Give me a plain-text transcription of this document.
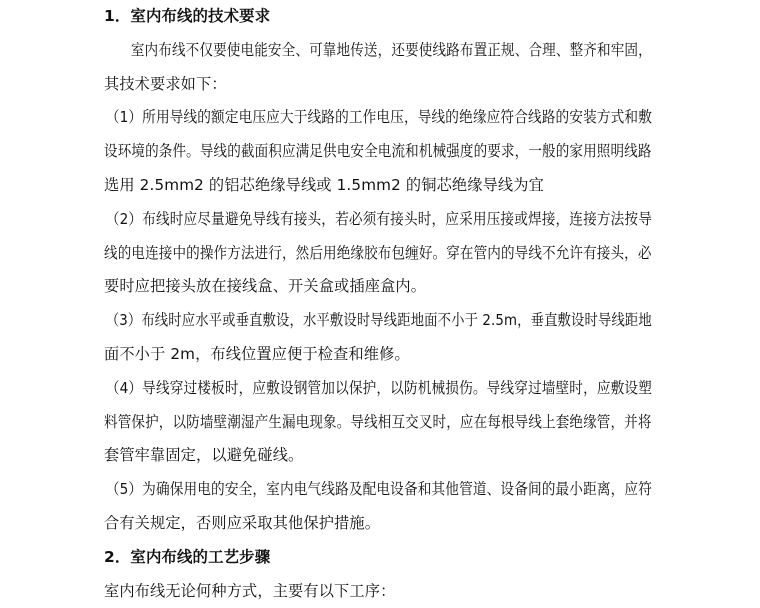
1．室内布线的技术要求
室内布线不仅要使电能安全、可靠地传送，还要使线路布置正规、合理、整齐和牢固，
其技术要求如下：
（1）所用导线的额定电压应大于线路的工作电压，导线的绝缘应符合线路的安装方式和敷
设环境的条件。导线的截面积应满足供电安全电流和机械强度的要求，一般的家用照明线路
选用 2.5mm2 的铝芯绝缘导线或 1.5mm2 的铜芯绝缘导线为宜
（2）布线时应尽量避免导线有接头，若必须有接头时，应采用压接或焊接，连接方法按导
线的电连接中的操作方法进行，然后用绝缘胶布包缠好。穿在管内的导线不允许有接头，必
要时应把接头放在接线盒、开关盒或插座盒内。
（3）布线时应水平或垂直敷设，水平敷设时导线距地面不小于 2.5m，垂直敷设时导线距地
面不小于 2m，布线位置应便于检查和维修。
（4）导线穿过楼板时，应敷设钢管加以保护，以防机械损伤。导线穿过墙壁时，应敷设塑
料管保护，以防墙壁潮湿产生漏电现象。导线相互交叉时，应在每根导线上套绝缘管，并将
套管牢靠固定，以避免碰线。
（5）为确保用电的安全，室内电气线路及配电设备和其他管道、设备间的最小距离，应符
合有关规定，否则应采取其他保护措施。
2．室内布线的工艺步骤
室内布线无论何种方式，主要有以下工序：
